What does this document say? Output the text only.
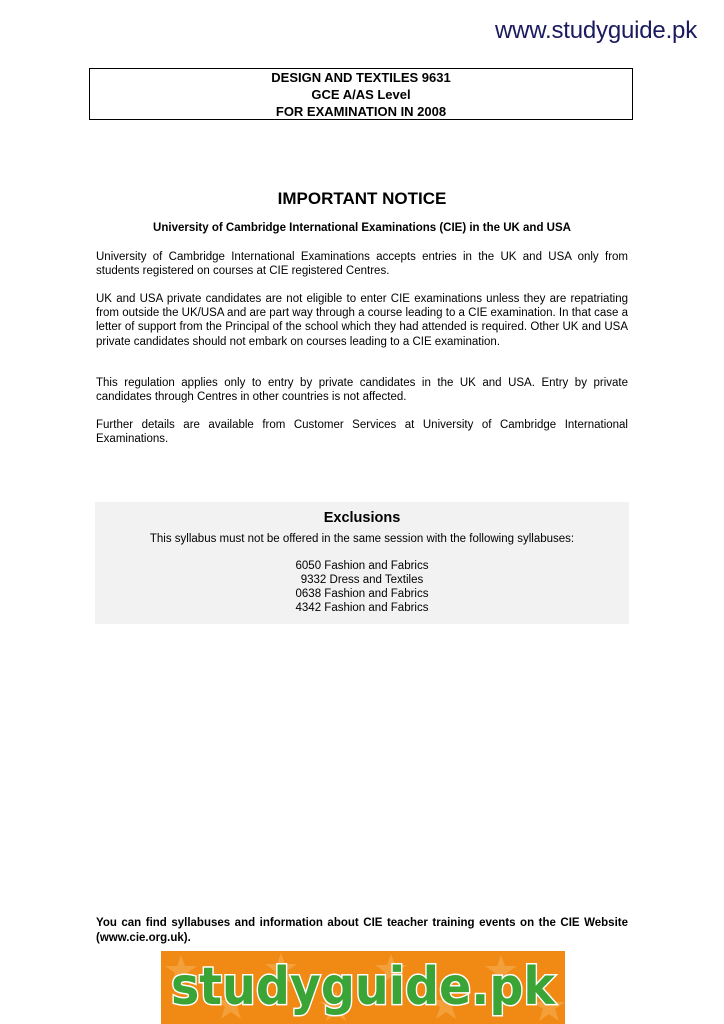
www.studyguide.pk
DESIGN AND TEXTILES 9631
GCE A/AS Level
FOR EXAMINATION IN 2008
IMPORTANT NOTICE
University of Cambridge International Examinations (CIE) in the UK and USA

University of Cambridge International Examinations accepts entries in the UK and USA only from students registered on courses at CIE registered Centres.

UK and USA private candidates are not eligible to enter CIE examinations unless they are repatriating from outside the UK/USA and are part way through a course leading to a CIE examination. In that case a letter of support from the Principal of the school which they had attended is required. Other UK and USA private candidates should not embark on courses leading to a CIE examination.

This regulation applies only to entry by private candidates in the UK and USA. Entry by private candidates through Centres in other countries is not affected.

Further details are available from Customer Services at University of Cambridge International Examinations.

Exclusions
This syllabus must not be offered in the same session with the following syllabuses:
6050 Fashion and Fabrics
9332 Dress and Textiles
0638 Fashion and Fabrics
4342 Fashion and Fabrics
You can find syllabuses and information about CIE teacher training events on the CIE Website (www.cie.org.uk).
studyguide.pk
